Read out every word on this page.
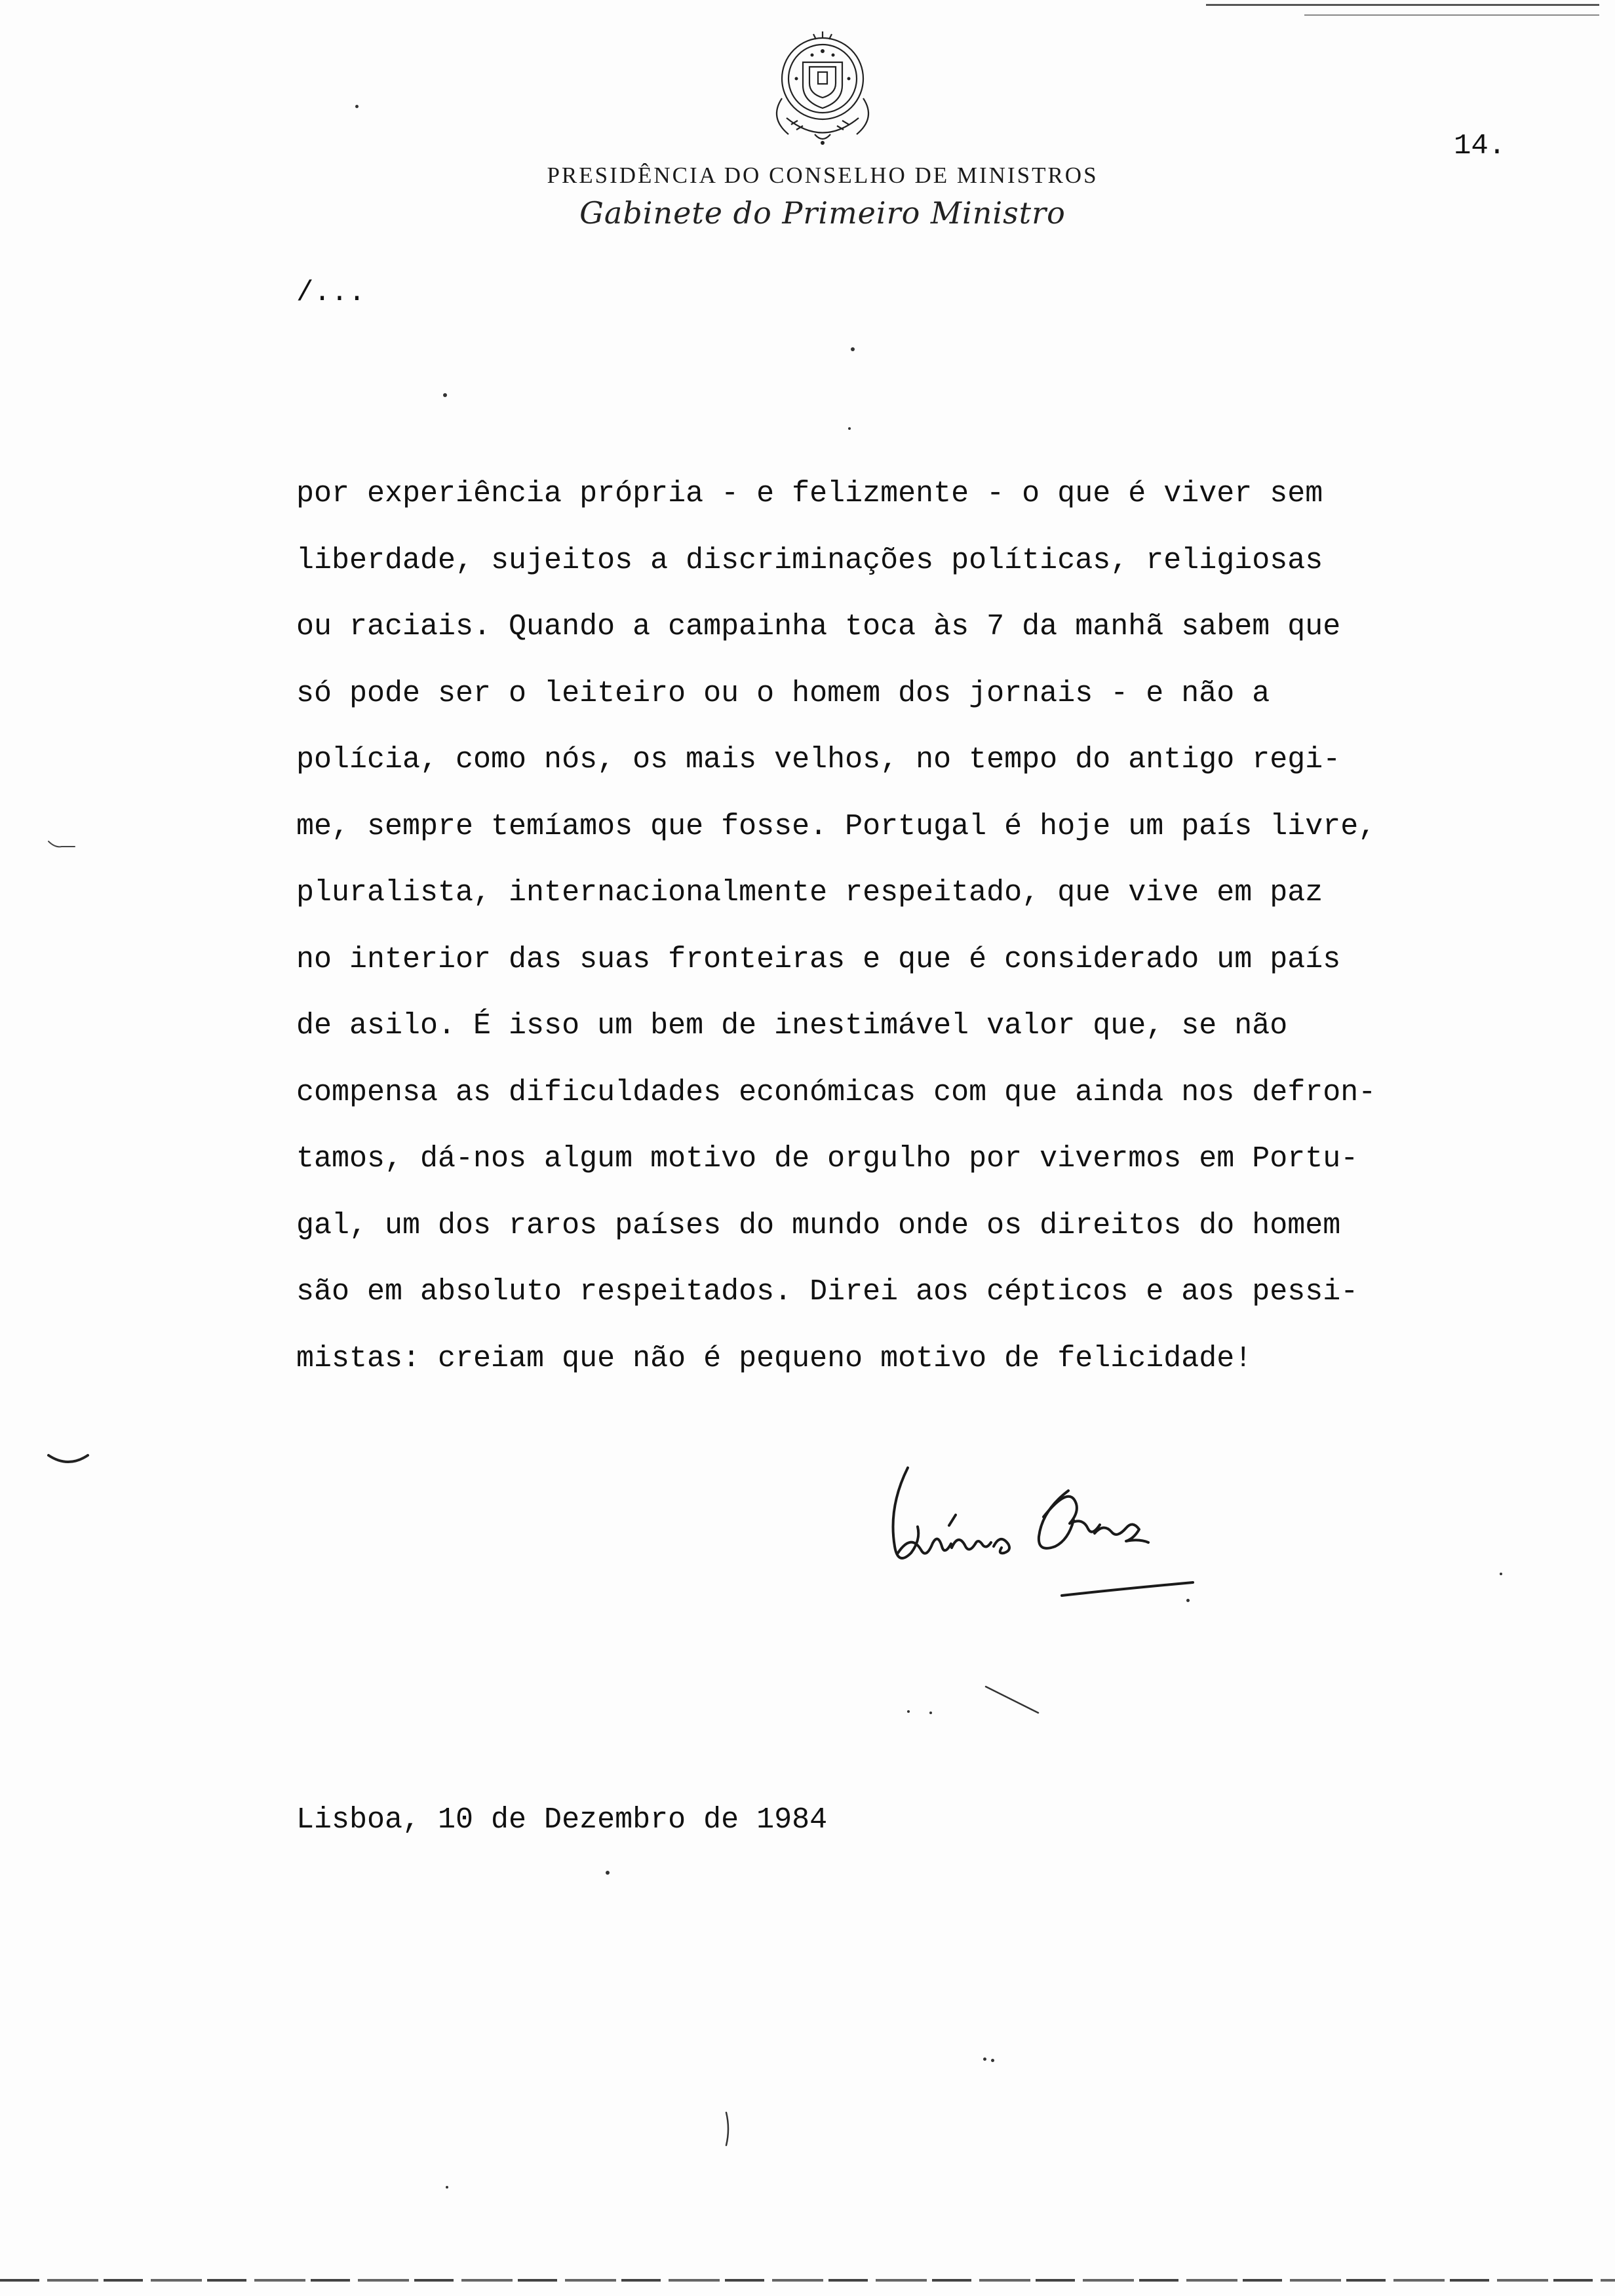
PRESIDÊNCIA DO CONSELHO DE MINISTROS
Gabinete do Primeiro Ministro
14.
/...
por experiência própria - e felizmente - o que é viver sem
liberdade, sujeitos a discriminações políticas, religiosas
ou raciais. Quando a campainha toca às 7 da manhã sabem que
só pode ser o leiteiro ou o homem dos jornais - e não a
polícia, como nós, os mais velhos, no tempo do antigo regi-
me, sempre temíamos que fosse. Portugal é hoje um país livre,
pluralista, internacionalmente respeitado, que vive em paz
no interior das suas fronteiras e que é considerado um país
de asilo. É isso um bem de inestimável valor que, se não
compensa as dificuldades económicas com que ainda nos defron-
tamos, dá-nos algum motivo de orgulho por vivermos em Portu-
gal, um dos raros países do mundo onde os direitos do homem
são em absoluto respeitados. Direi aos cépticos e aos pessi-
mistas: creiam que não é pequeno motivo de felicidade!
Lisboa, 10 de Dezembro de 1984
